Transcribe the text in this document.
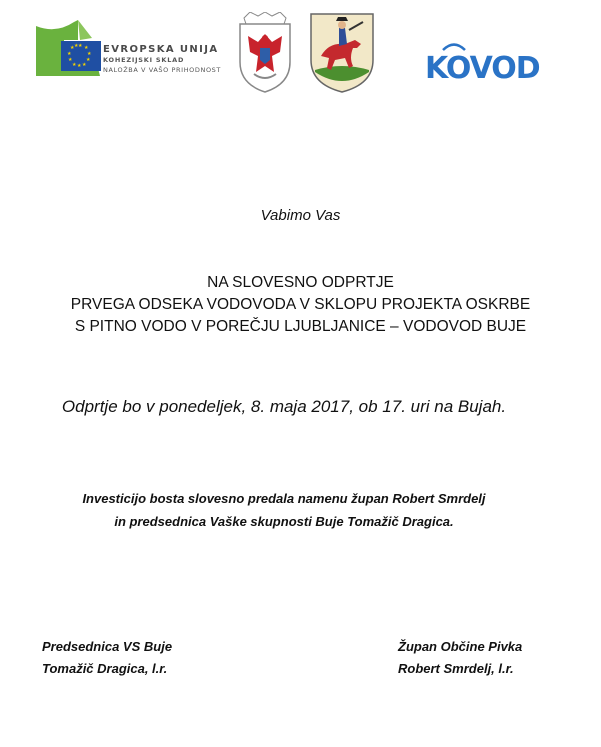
★ ★
★
★
★
★
★
★
★
★ ★ EVROPSKA UNIJA
KOHEZIJSKI SKLAD
NALOŽBA V VAŠO PRIHODNOST	KOVOD
Vabimo Vas
NA SLOVESNO ODPRTJE
PRVEGA ODSEKA VODOVODA V SKLOPU PROJEKTA OSKRBE
S PITNO VODO V POREČJU LJUBLJANICE – VODOVOD BUJE
Odprtje bo v ponedeljek, 8. maja 2017, ob 17. uri na Bujah.
Investicijo bosta slovesno predala namenu župan Robert Smrdelj
in predsednica Vaške skupnosti Buje Tomažič Dragica.
Predsednica VS Buje
Tomažič Dragica, l.r.
Župan Občine Pivka
Robert Smrdelj, l.r.
